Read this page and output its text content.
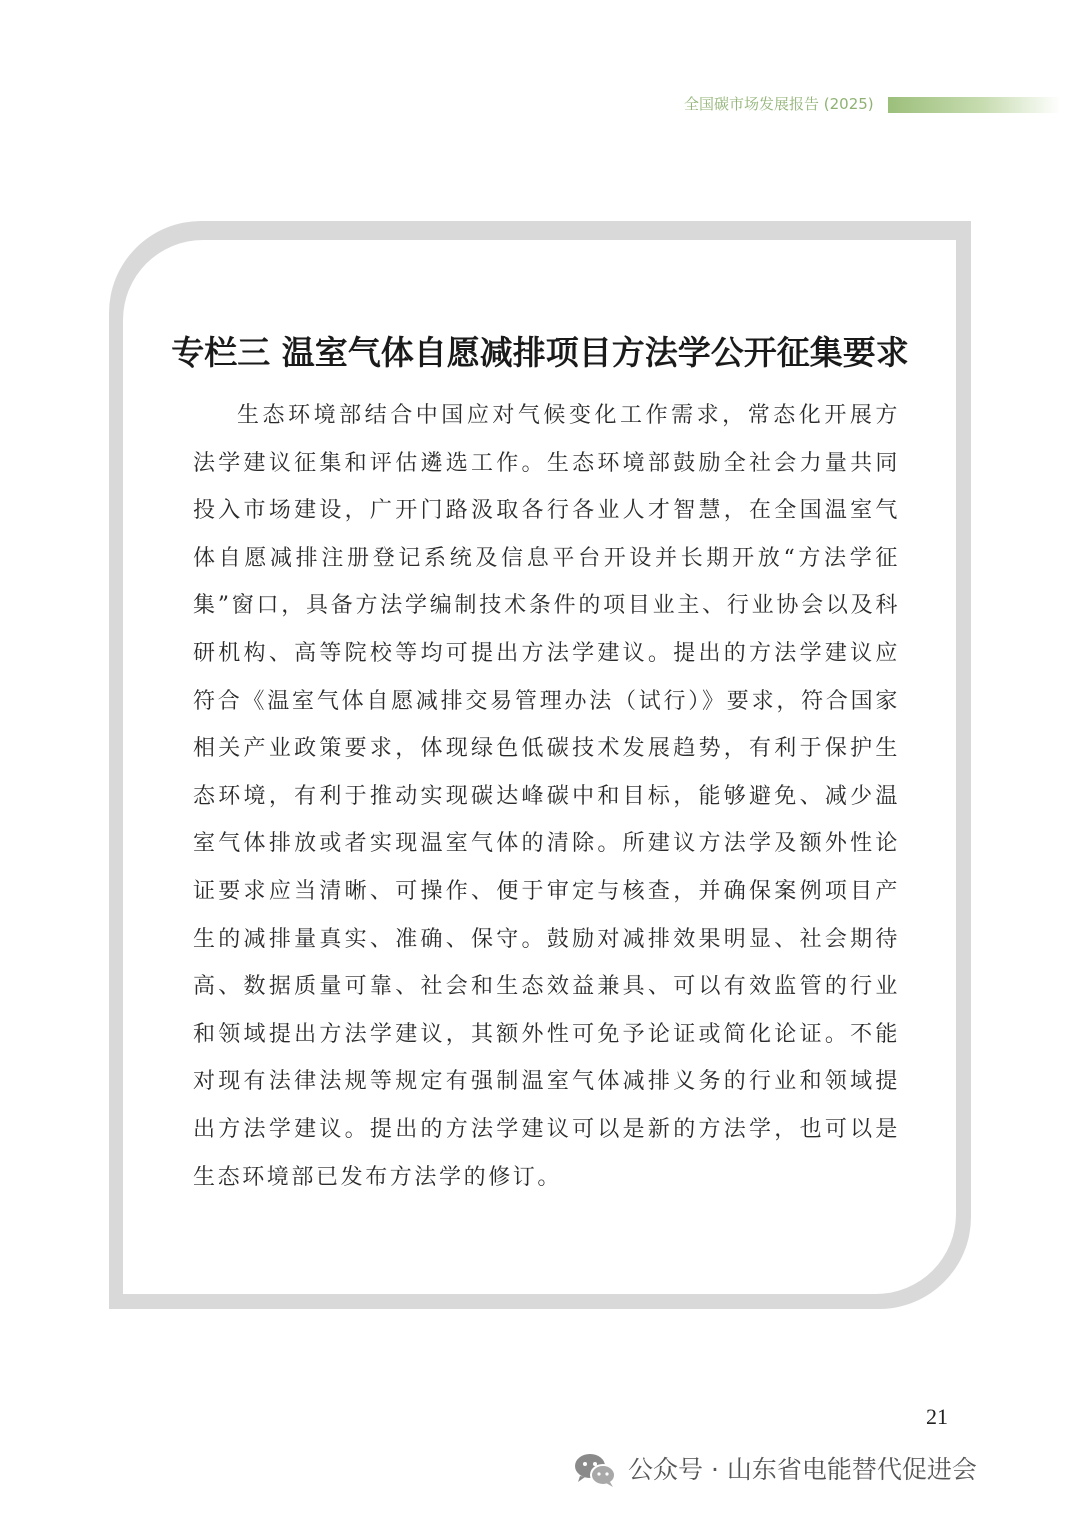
全国碳市场发展报告 (2025)
专栏三 温室气体自愿减排项目方法学公开征集要求

生态环境部结合中国应对气候变化工作需求，常态化开展方法学建议征集和评估遴选工作。生态环境部鼓励全社会力量共同投入市场建设，广开门路汲取各行各业人才智慧，在全国温室气体自愿减排注册登记系统及信息平台开设并长期开放“方法学征集”窗口，具备方法学编制技术条件的项目业主、行业协会以及科研机构、高等院校等均可提出方法学建议。提出的方法学建议应符合《温室气体自愿减排交易管理办法（试行）》要求，符合国家相关产业政策要求，体现绿色低碳技术发展趋势，有利于保护生态环境，有利于推动实现碳达峰碳中和目标，能够避免、减少温室气体排放或者实现温室气体的清除。所建议方法学及额外性论证要求应当清晰、可操作、便于审定与核查，并确保案例项目产生的减排量真实、准确、保守。鼓励对减排效果明显、社会期待高、数据质量可靠、社会和生态效益兼具、可以有效监管的行业和领域提出方法学建议，其额外性可免予论证或简化论证。不能对现有法律法规等规定有强制温室气体减排义务的行业和领域提出方法学建议。提出的方法学建议可以是新的方法学，也可以是生态环境部已发布方法学的修订。

21
公众号 · 山东省电能替代促进会
